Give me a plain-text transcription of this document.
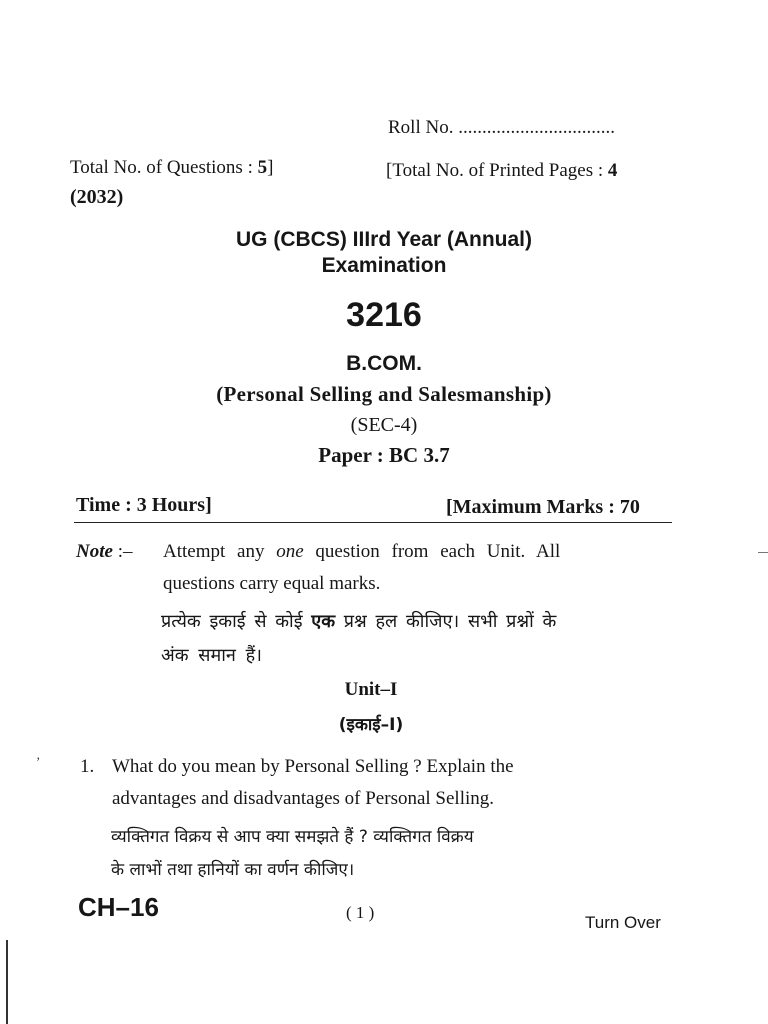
Roll No. .................................
Total No. of Questions : 5]	[Total No. of Printed Pages : 4
(2032)
UG (CBCS) IIIrd Year (Annual)
Examination
3216
B.COM.
(Personal Selling and Salesmanship)
(SEC-4)
Paper : BC 3.7
Time : 3 Hours]	[Maximum Marks : 70
Note :– Attempt any one question from each Unit. All
questions carry equal marks.
प्रत्येक इकाई से कोई एक प्रश्न हल कीजिए। सभी प्रश्नों के
अंक समान हैं।
Unit–I
(इकाई–I)
1. What do you mean by Personal Selling ? Explain the
advantages and disadvantages of Personal Selling.
व्यक्तिगत विक्रय से आप क्या समझते हैं ? व्यक्तिगत विक्रय
के लाभों तथा हानियों का वर्णन कीजिए।
CH–16	( 1 )
Turn Over
’
